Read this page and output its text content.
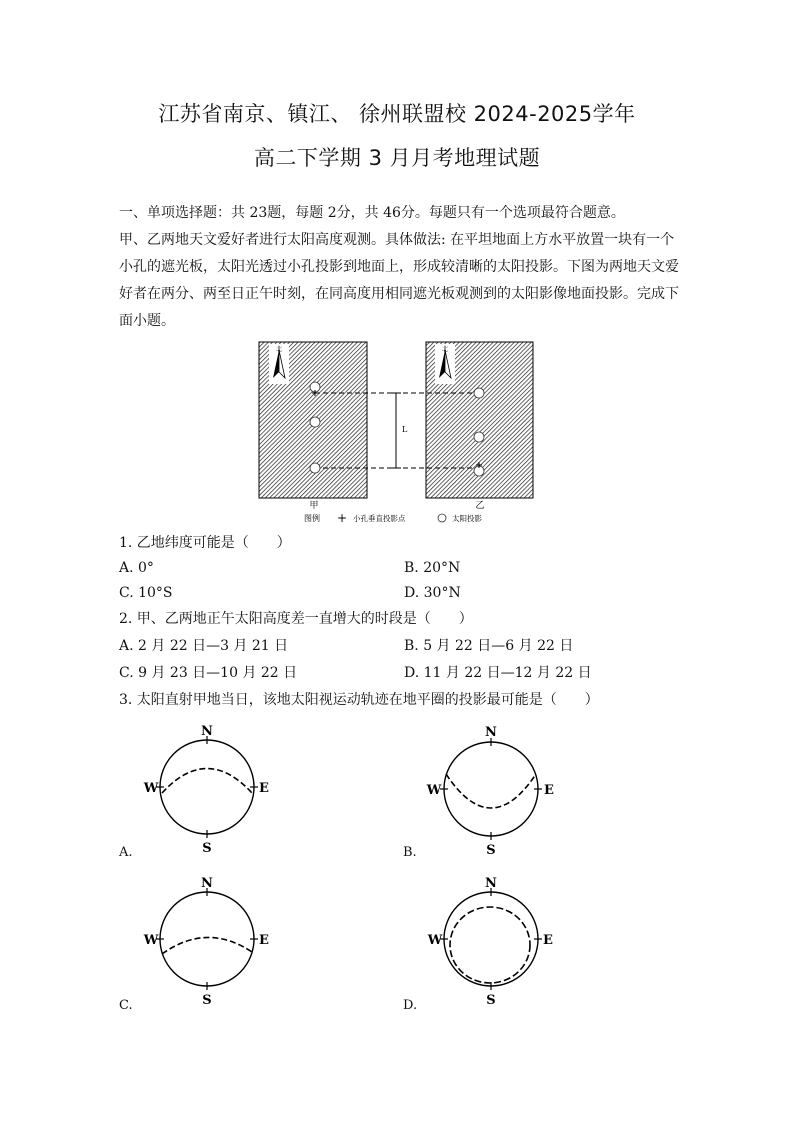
江苏省南京、镇江、 徐州联盟校 2024-2025学年
高二下学期 3 月月考地理试题
一、单项选择题：共 23题，每题 2分，共 46分。每题只有一个选项最符合题意。
甲、乙两地天文爱好者进行太阳高度观测。具体做法: 在平坦地面上方水平放置一块有一个
小孔的遮光板，太阳光透过小孔投影到地面上，形成较清晰的太阳投影。下图为两地天文爱
好者在两分、两至日正午时刻，在同高度用相同遮光板观测到的太阳影像地面投影。完成下
面小题。
北	北
L
甲	乙
图例 + 小孔垂直投影点	太阳投影
1. 乙地纬度可能是（　　）
A. 0°	B. 20°N
C. 10°S	D. 30°N
2. 甲、乙两地正午太阳高度差一直增大的时段是（　　）
A. 2 月 22 日—3 月 21 日	B. 5 月 22 日—6 月 22 日
C. 9 月 23 日—10 月 22 日	D. 11 月 22 日—12 月 22 日
3. 太阳直射甲地当日，该地太阳视运动轨迹在地平圈的投影最可能是（　　）
N
S
W	E
A.
N
S
W	E
B.
N
S
W	E
C.
N
S
W	E
D.
